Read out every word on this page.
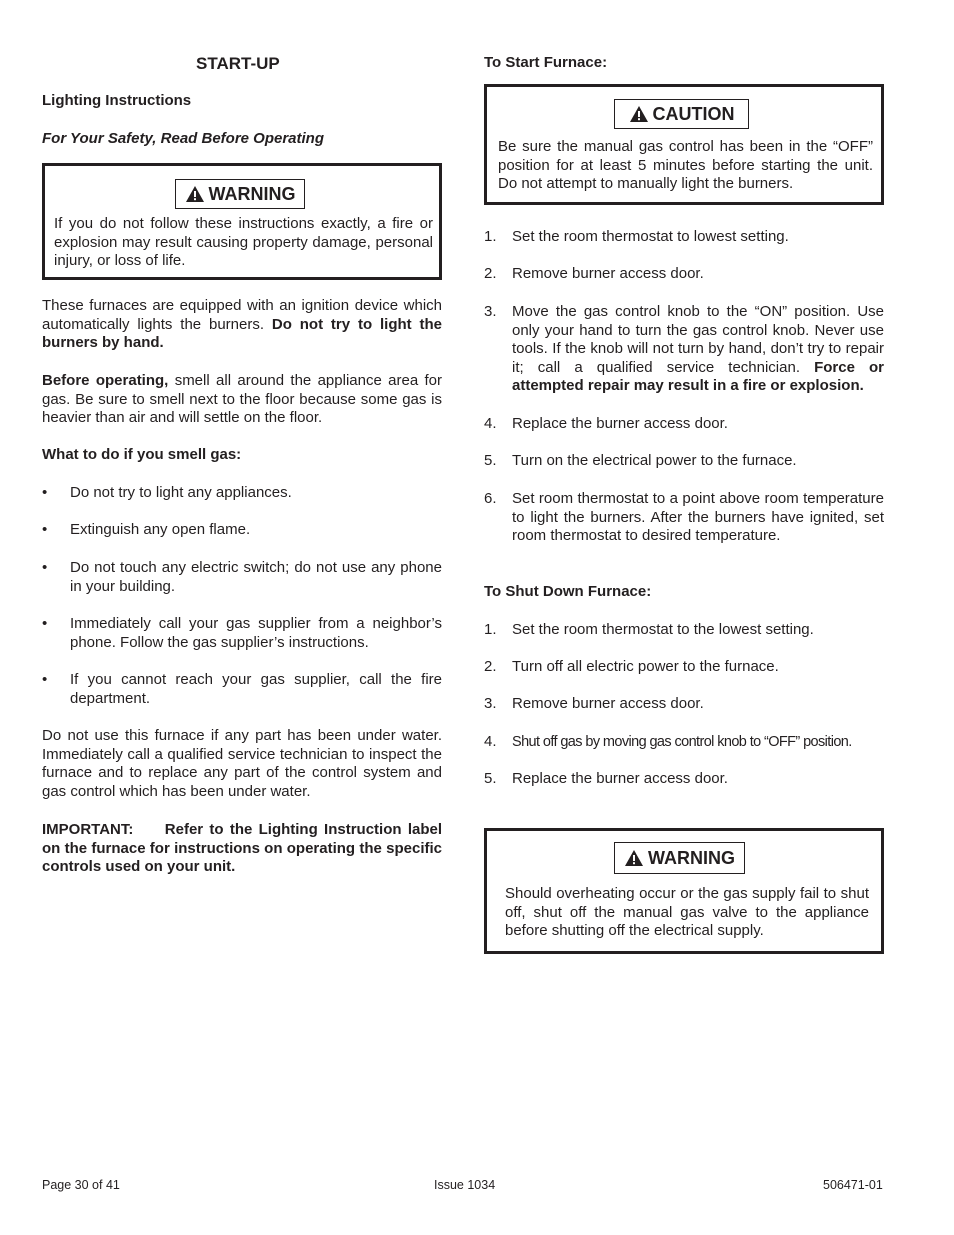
START-UP
Lighting Instructions
For Your Safety, Read Before Operating
WARNING
If you do not follow these instructions exactly, a fire or explosion may result causing property damage, personal injury, or loss of life.
These furnaces are equipped with an ignition device which automatically lights the burners. Do not try to light the burners by hand.
Before operating, smell all around the appliance area for gas. Be sure to smell next to the floor because some gas is heavier than air and will settle on the floor.
What to do if you smell gas:
• Do not try to light any appliances.
• Extinguish any open flame.
• Do not touch any electric switch; do not use any phone in your building.
• Immediately call your gas supplier from a neighbor’s phone. Follow the gas supplier’s instructions.
• If you cannot reach your gas supplier, call the fire department.
Do not use this furnace if any part has been under water. Immediately call a qualified service technician to inspect the furnace and to replace any part of the control system and gas control which has been under water.
IMPORTANT: Refer to the Lighting Instruction label on the furnace for instructions on operating the specific controls used on your unit.
To Start Furnace:
CAUTION
Be sure the manual gas control has been in the “OFF” position for at least 5 minutes before starting the unit. Do not attempt to manually light the burners.
1. Set the room thermostat to lowest setting.
2. Remove burner access door.
3. Move the gas control knob to the “ON” position. Use only your hand to turn the gas control knob. Never use tools. If the knob will not turn by hand, don’t try to repair it; call a qualified service technician. Force or attempted repair may result in a fire or explosion.
4. Replace the burner access door.
5. Turn on the electrical power to the furnace.
6. Set room thermostat to a point above room temperature to light the burners. After the burners have ignited, set room thermostat to desired temperature.
To Shut Down Furnace:
1. Set the room thermostat to the lowest setting.
2. Turn off all electric power to the furnace.
3. Remove burner access door.
4. Shut off gas by moving gas control knob to “OFF” position.
5. Replace the burner access door.
WARNING
Should overheating occur or the gas supply fail to shut off, shut off the manual gas valve to the appliance before shutting off the electrical supply.
Page 30 of 41	Issue 1034	506471-01
